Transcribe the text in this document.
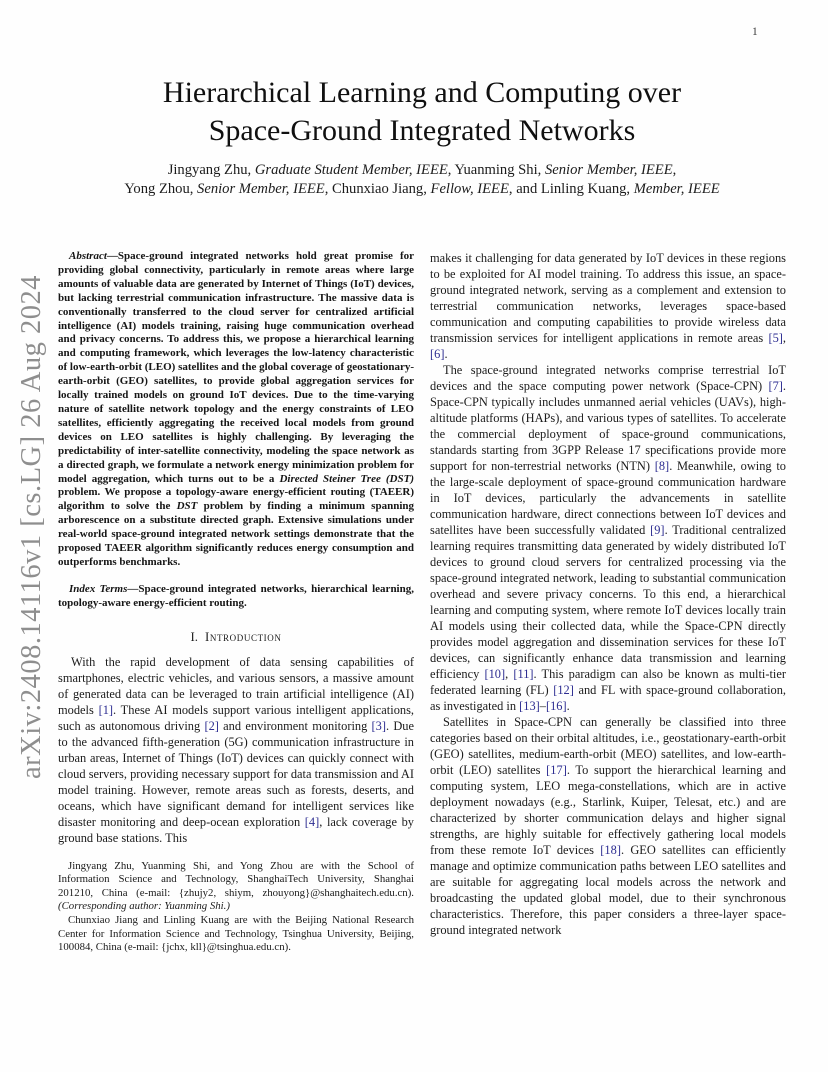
1
arXiv:2408.14116v1 [cs.LG] 26 Aug 2024
Hierarchical Learning and Computing over
Space-Ground Integrated Networks
Jingyang Zhu, Graduate Student Member, IEEE, Yuanming Shi, Senior Member, IEEE,
Yong Zhou, Senior Member, IEEE, Chunxiao Jiang, Fellow, IEEE, and Linling Kuang, Member, IEEE

Abstract—Space-ground integrated networks hold great promise for providing global connectivity, particularly in remote areas where large amounts of valuable data are generated by Internet of Things (IoT) devices, but lacking terrestrial communication infrastructure. The massive data is conventionally transferred to the cloud server for centralized artificial intelligence (AI) models training, raising huge communication overhead and privacy concerns. To address this, we propose a hierarchical learning and computing framework, which leverages the low-latency characteristic of low-earth-orbit (LEO) satellites and the global coverage of geostationary-earth-orbit (GEO) satellites, to provide global aggregation services for locally trained models on ground IoT devices. Due to the time-varying nature of satellite network topology and the energy constraints of LEO satellites, efficiently aggregating the received local models from ground devices on LEO satellites is highly challenging. By leveraging the predictability of inter-satellite connectivity, modeling the space network as a directed graph, we formulate a network energy minimization problem for model aggregation, which turns out to be a Directed Steiner Tree (DST) problem. We propose a topology-aware energy-efficient routing (TAEER) algorithm to solve the DST problem by finding a minimum spanning arborescence on a substitute directed graph. Extensive simulations under real-world space-ground integrated network settings demonstrate that the proposed TAEER algorithm significantly reduces energy consumption and outperforms benchmarks.

Index Terms—Space-ground integrated networks, hierarchical learning, topology-aware energy-efficient routing.

I. Introduction

With the rapid development of data sensing capabilities of smartphones, electric vehicles, and various sensors, a massive amount of generated data can be leveraged to train artificial intelligence (AI) models [1]. These AI models support various intelligent applications, such as autonomous driving [2] and environment monitoring [3]. Due to the advanced fifth-generation (5G) communication infrastructure in urban areas, Internet of Things (IoT) devices can quickly connect with cloud servers, providing necessary support for data transmission and AI model training. However, remote areas such as forests, deserts, and oceans, which have significant demand for intelligent services like disaster monitoring and deep-ocean exploration [4], lack coverage by ground base stations. This

Jingyang Zhu, Yuanming Shi, and Yong Zhou are with the School of Information Science and Technology, ShanghaiTech University, Shanghai 201210, China (e-mail: {zhujy2, shiym, zhouyong}@shanghaitech.edu.cn). (Corresponding author: Yuanming Shi.)

Chunxiao Jiang and Linling Kuang are with the Beijing National Research Center for Information Science and Technology, Tsinghua University, Beijing, 100084, China (e-mail: {jchx, kll}@tsinghua.edu.cn).

makes it challenging for data generated by IoT devices in these regions to be exploited for AI model training. To address this issue, an space-ground integrated network, serving as a complement and extension to terrestrial communication networks, leverages space-based communication and computing capabilities to provide wireless data transmission services for intelligent applications in remote areas [5], [6].

The space-ground integrated networks comprise terrestrial IoT devices and the space computing power network (Space-CPN) [7]. Space-CPN typically includes unmanned aerial vehicles (UAVs), high-altitude platforms (HAPs), and various types of satellites. To accelerate the commercial deployment of space-ground communications, standards starting from 3GPP Release 17 specifications provide more support for non-terrestrial networks (NTN) [8]. Meanwhile, owing to the large-scale deployment of space-ground communication hardware in IoT devices, particularly the advancements in satellite communication hardware, direct connections between IoT devices and satellites have been successfully validated [9]. Traditional centralized learning requires transmitting data generated by widely distributed IoT devices to ground cloud servers for centralized processing via the space-ground integrated network, leading to substantial communication overhead and severe privacy concerns. To this end, a hierarchical learning and computing system, where remote IoT devices locally train AI models using their collected data, while the Space-CPN directly provides model aggregation and dissemination services for these IoT devices, can significantly enhance data transmission and learning efficiency [10], [11]. This paradigm can also be known as multi-tier federated learning (FL) [12] and FL with space-ground collaboration, as investigated in [13]–[16].

Satellites in Space-CPN can generally be classified into three categories based on their orbital altitudes, i.e., geostationary-earth-orbit (GEO) satellites, medium-earth-orbit (MEO) satellites, and low-earth-orbit (LEO) satellites [17]. To support the hierarchical learning and computing system, LEO mega-constellations, which are in active deployment nowadays (e.g., Starlink, Kuiper, Telesat, etc.) and are characterized by shorter communication delays and higher signal strengths, are highly suitable for effectively gathering local models from these remote IoT devices [18]. GEO satellites can efficiently manage and optimize communication paths between LEO satellites and are suitable for aggregating local models across the network and broadcasting the updated global model, due to their synchronous characteristics. Therefore, this paper considers a three-layer space-ground integrated network
